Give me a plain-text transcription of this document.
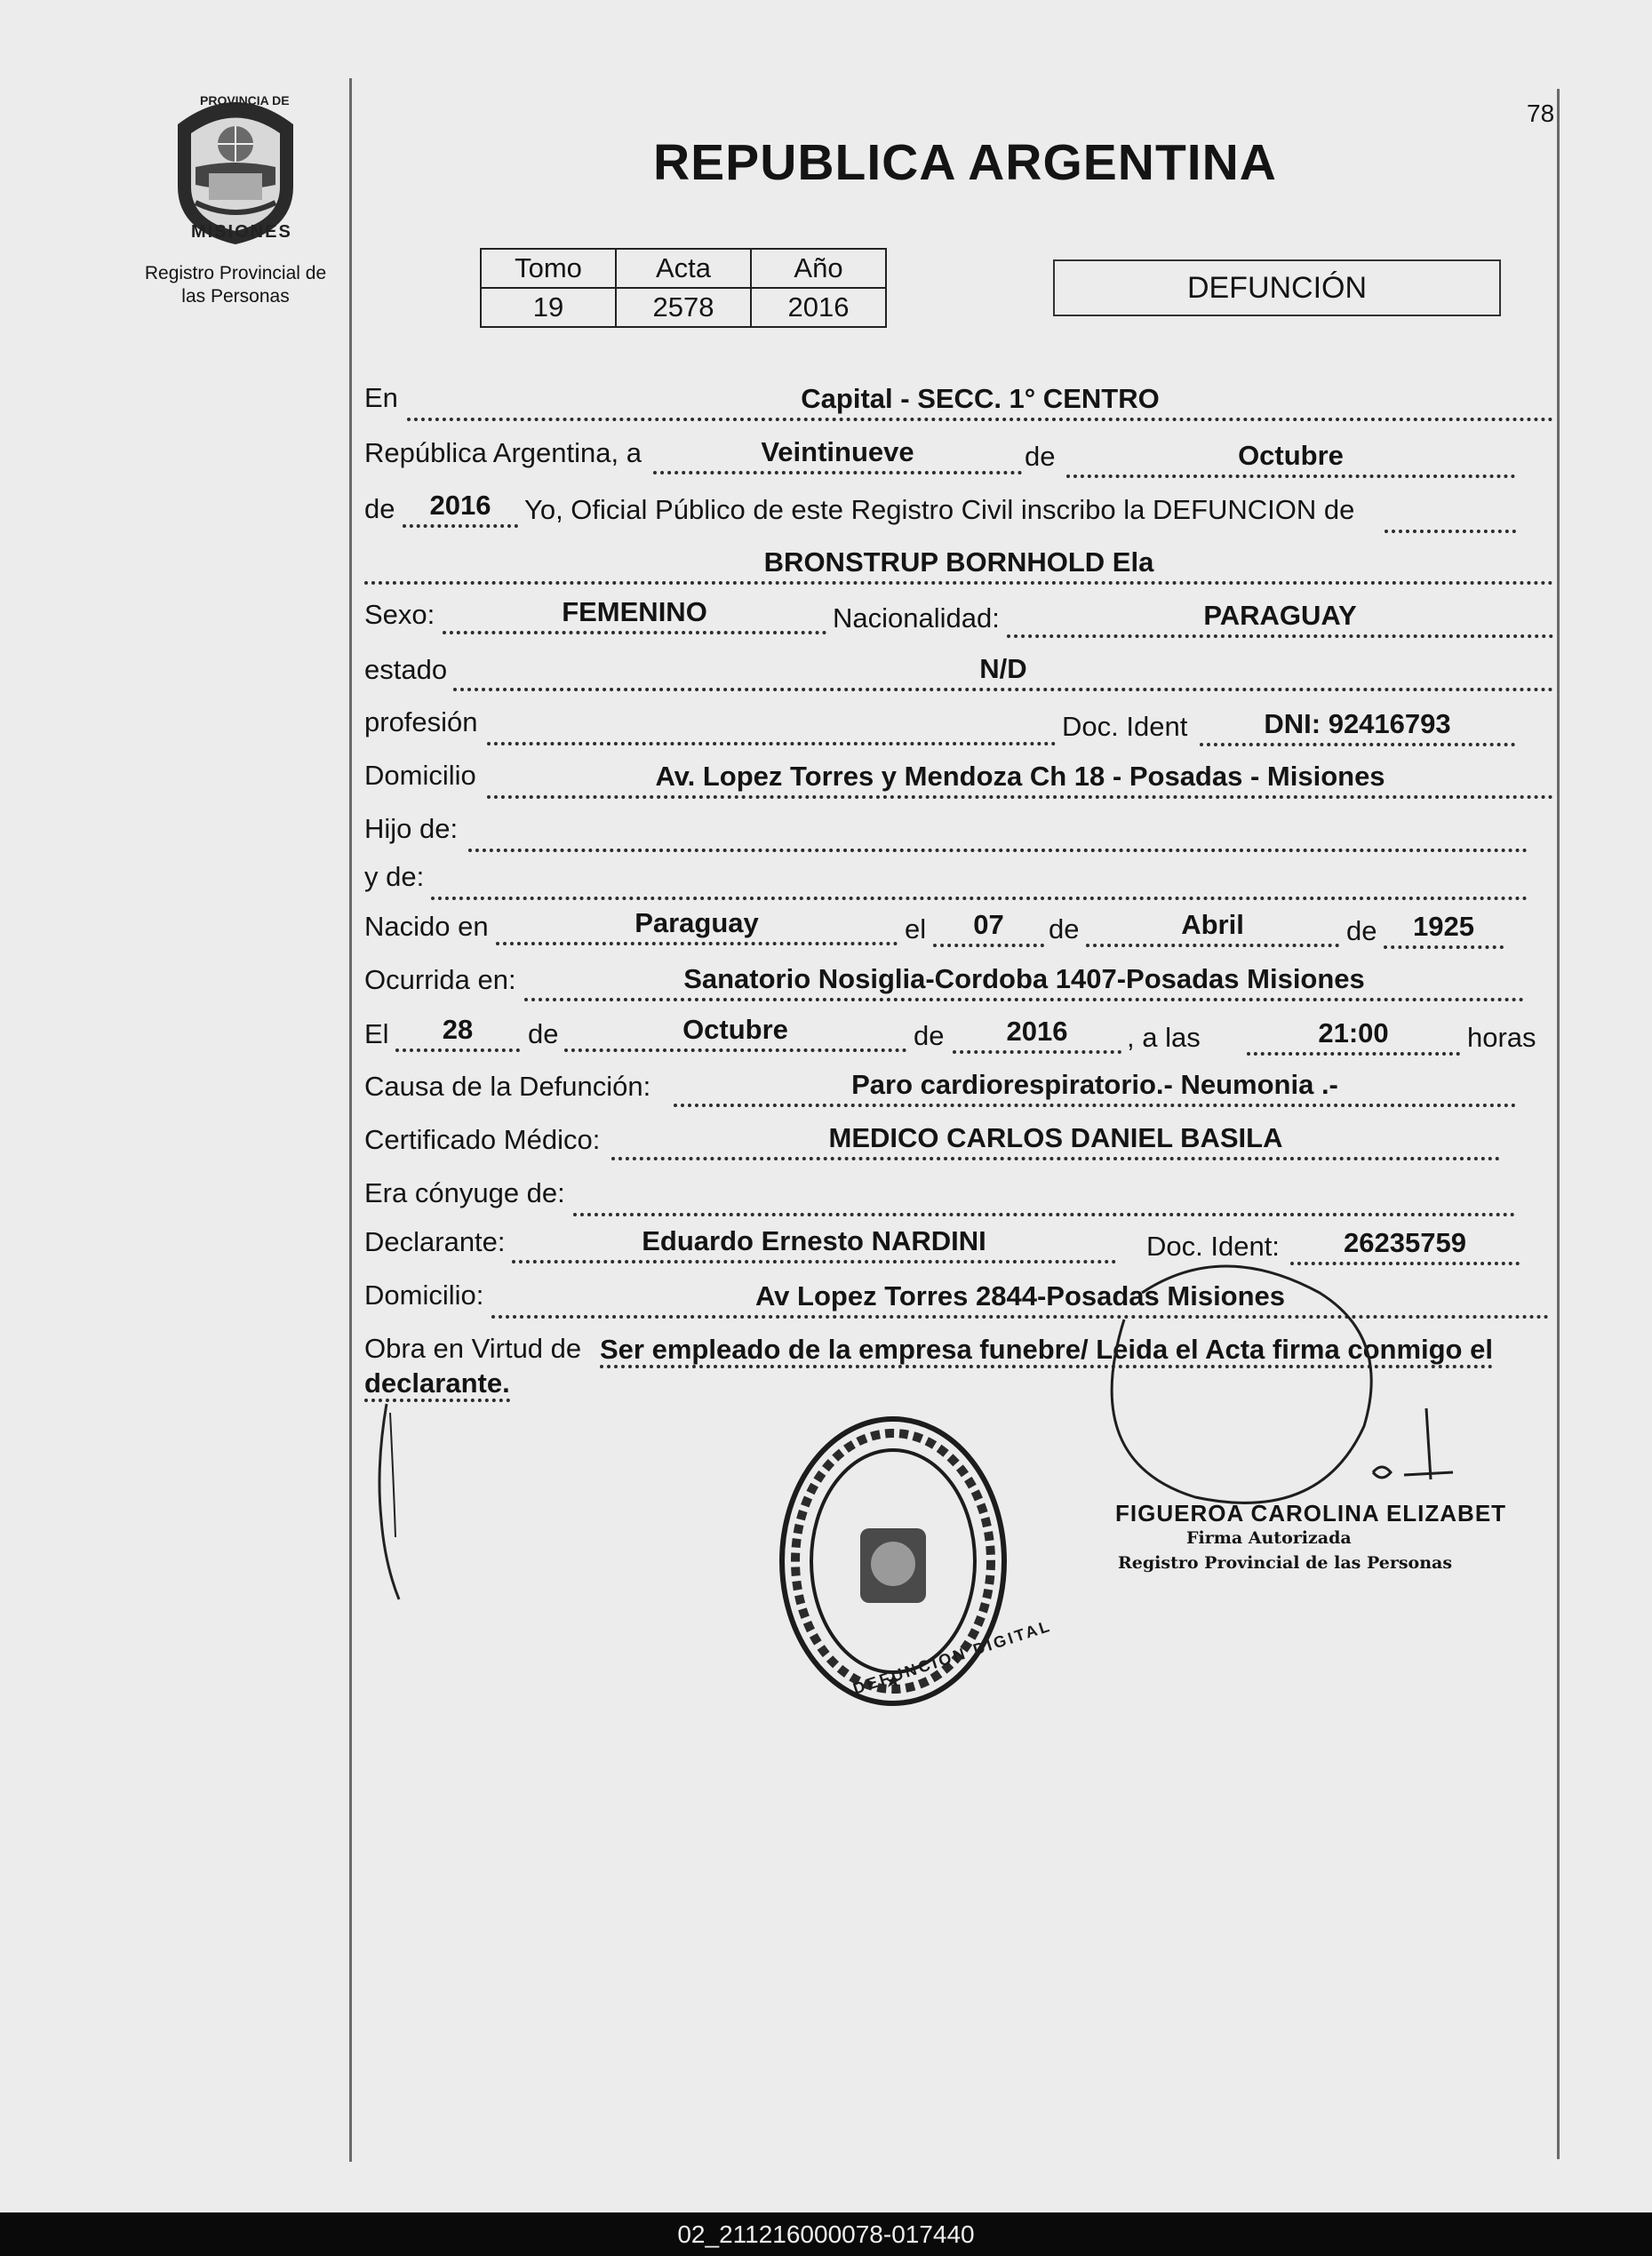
PROVINCIA DE
MISIONES
Registro Provincial de
las Personas
78
REPUBLICA ARGENTINA
Tomo	Acta	Año
19	2578	2016
DEFUNCIÓN
En	Capital - SECC. 1° CENTRO
República Argentina, a	Veintinueve	de	Octubre
de	2016	Yo, Oficial Público de este Registro Civil inscribo la DEFUNCION de
BRONSTRUP BORNHOLD Ela
Sexo:	FEMENINO	Nacionalidad:	PARAGUAY
estado	N/D
profesión	Doc. Ident	DNI: 92416793
Domicilio	Av. Lopez Torres y Mendoza Ch 18 - Posadas - Misiones
Hijo de:
y de:
Nacido en	Paraguay	el	07	de	Abril	de	1925
Ocurrida en:	Sanatorio Nosiglia-Cordoba 1407-Posadas Misiones
El	28	de	Octubre	de	2016	, a las	21:00	horas
Causa de la Defunción:	Paro cardiorespiratorio.- Neumonia .-
Certificado Médico:	MEDICO CARLOS DANIEL BASILA
Era cónyuge de:
Declarante:	Eduardo Ernesto NARDINI	Doc. Ident:	26235759
Domicilio:	Av Lopez Torres 2844-Posadas Misiones
Obra en Virtud de Ser empleado de la empresa funebre/ Leida el Acta firma conmigo el declarante.
DEFUNCION DIGITAL
FIGUEROA CAROLINA ELIZABET
Firma Autorizada
Registro Provincial de las Personas
02_211216000078-017440
